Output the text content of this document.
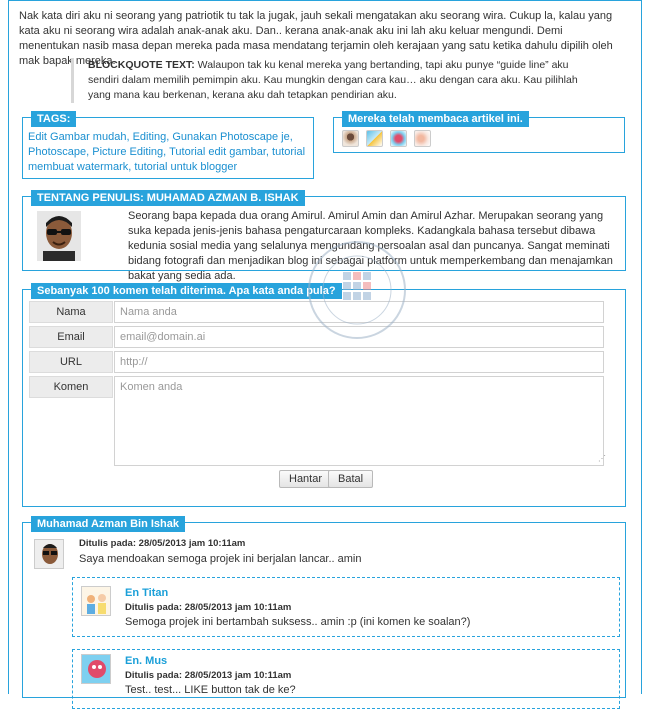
Nak kata diri aku ni seorang yang patriotik tu tak la jugak, jauh sekali mengatakan aku seorang wira. Cukup la, kalau yang kata aku ni seorang wira adalah anak-anak aku. Dan.. kerana anak-anak aku ini lah aku keluar mengundi. Demi menentukan nasib masa depan mereka pada masa mendatang terjamin oleh kerajaan yang satu ketika dahulu dipilih oleh mak bapak mereka.
BLOCKQUOTE TEXT: Walaupon tak ku kenal mereka yang bertanding, tapi aku punye “guide line” aku sendiri dalam memilih pemimpin aku. Kau mungkin dengan cara kau… aku dengan cara aku. Kau pilihlah yang mana kau berkenan, kerana aku dah tetapkan pendirian aku.
TAGS:
Edit Gambar mudah, Editing, Gunakan Photoscape je, Photoscape, Picture Editing, Tutorial edit gambar, tutorial membuat watermark, tutorial untuk blogger
Mereka telah membaca artikel ini.
TENTANG PENULIS: MUHAMAD AZMAN B. ISHAK
Seorang bapa kepada dua orang Amirul. Amirul Amin dan Amirul Azhar. Merupakan seorang yang suka kepada jenis-jenis bahasa pengaturcaraan kompleks. Kadangkala bahasa tersebut dibawa kedunia sosial media yang selalunya mengundang persoalan asal dan puncanya. Sangat meminati bidang fotografi dan menjadikan blog ini sebagai platform untuk memperkembang dan menajamkan bakat yang sedia ada.
Sebanyak 100 komen telah diterima. Apa kata anda pula?
Nama
Nama anda
Email
email@domain.ai
URL
http://
Komen
Komen anda
⋰
Hantar	Batal
Muhamad Azman Bin Ishak
Ditulis pada: 28/05/2013 jam 10:11am
Saya mendoakan semoga projek ini berjalan lancar.. amin
En Titan
Ditulis pada: 28/05/2013 jam 10:11am
Semoga projek ini bertambah suksess.. amin :p (ini komen ke soalan?)
En. Mus
Ditulis pada: 28/05/2013 jam 10:11am
Test.. test... LIKE button tak de ke?
